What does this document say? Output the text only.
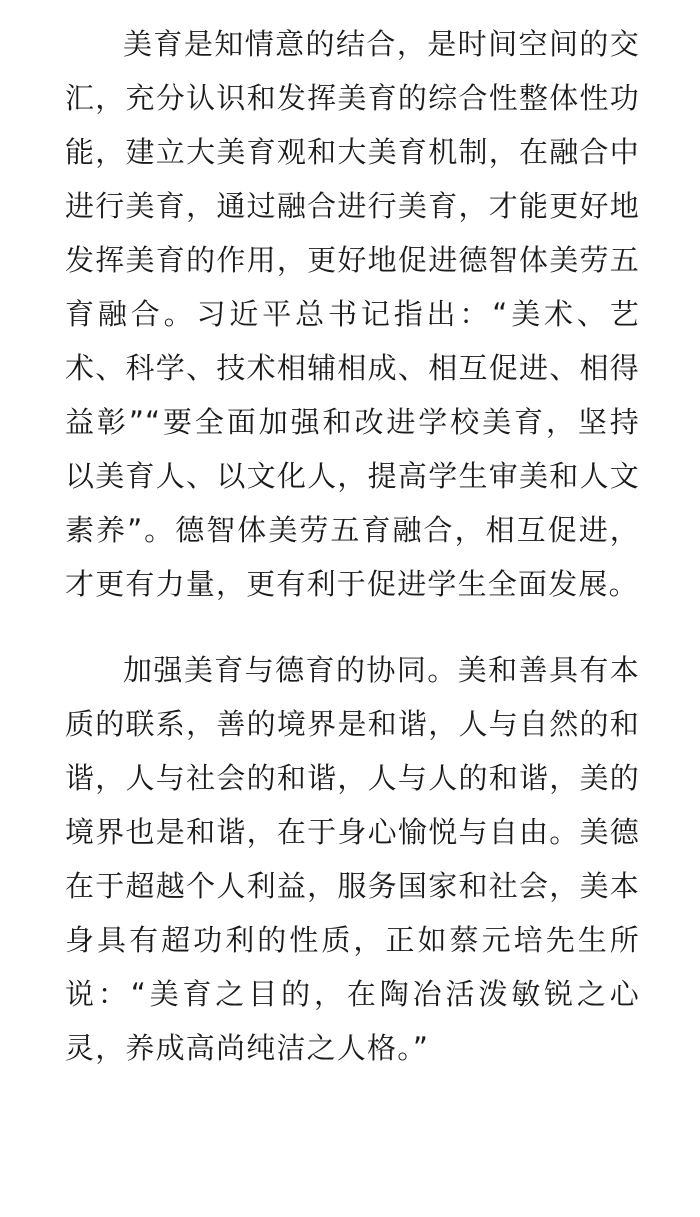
美育是知情意的结合，是时间空间的交汇，充分认识和发挥美育的综合性整体性功能，建立大美育观和大美育机制，在融合中进行美育，通过融合进行美育，才能更好地发挥美育的作用，更好地促进德智体美劳五育融合。习近平总书记指出：“美术、艺术、科学、技术相辅相成、相互促进、相得益彰”“要全面加强和改进学校美育，坚持以美育人、以文化人，提高学生审美和人文素养”。德智体美劳五育融合，相互促进，才更有力量，更有利于促进学生全面发展。

加强美育与德育的协同。美和善具有本质的联系，善的境界是和谐，人与自然的和谐，人与社会的和谐，人与人的和谐，美的境界也是和谐，在于身心愉悦与自由。美德在于超越个人利益，服务国家和社会，美本身具有超功利的性质，正如蔡元培先生所说：“美育之目的，在陶冶活泼敏锐之心灵，养成高尚纯洁之人格。”
